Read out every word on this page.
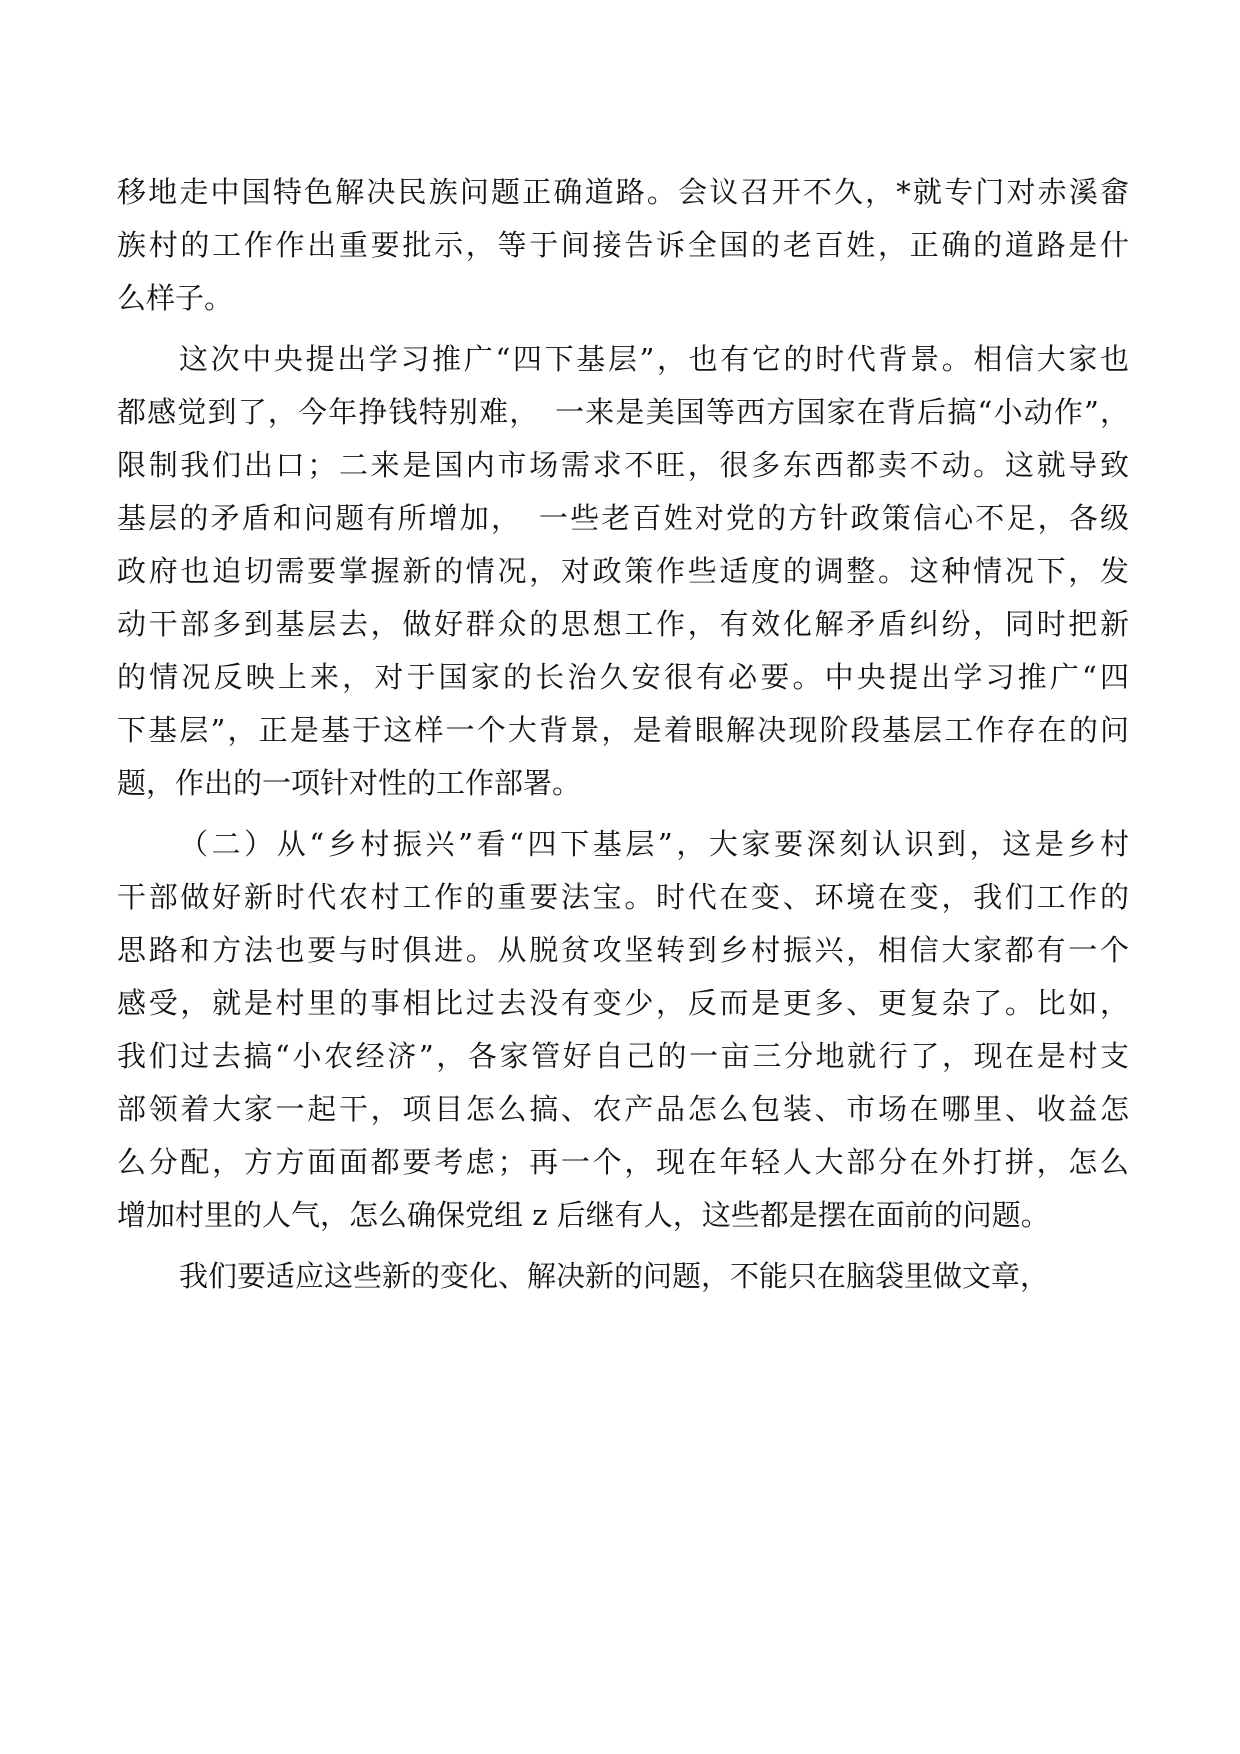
移地走中国特色解决民族问题正确道路。会议召开不久，*就专门对赤溪畲
族村的工作作出重要批示，等于间接告诉全国的老百姓，正确的道路是什
么样子。
这次中央提出学习推广“四下基层”，也有它的时代背景。相信大家也
都感觉到了，今年挣钱特别难，　一来是美国等西方国家在背后搞“小动作”，
限制我们出口；二来是国内市场需求不旺，很多东西都卖不动。这就导致
基层的矛盾和问题有所增加，　一些老百姓对党的方针政策信心不足，各级
政府也迫切需要掌握新的情况，对政策作些适度的调整。这种情况下，发
动干部多到基层去，做好群众的思想工作，有效化解矛盾纠纷，同时把新
的情况反映上来，对于国家的长治久安很有必要。中央提出学习推广“四
下基层”，正是基于这样一个大背景，是着眼解决现阶段基层工作存在的问
题，作出的一项针对性的工作部署。
（二）从“乡村振兴”看“四下基层”，大家要深刻认识到，这是乡村
干部做好新时代农村工作的重要法宝。时代在变、环境在变，我们工作的
思路和方法也要与时俱进。从脱贫攻坚转到乡村振兴，相信大家都有一个
感受，就是村里的事相比过去没有变少，反而是更多、更复杂了。比如，
我们过去搞“小农经济”，各家管好自己的一亩三分地就行了，现在是村支
部领着大家一起干，项目怎么搞、农产品怎么包装、市场在哪里、收益怎
么分配，方方面面都要考虑；再一个，现在年轻人大部分在外打拼，怎么
增加村里的人气，怎么确保党组 z 后继有人，这些都是摆在面前的问题。
我们要适应这些新的变化、解决新的问题，不能只在脑袋里做文章，
